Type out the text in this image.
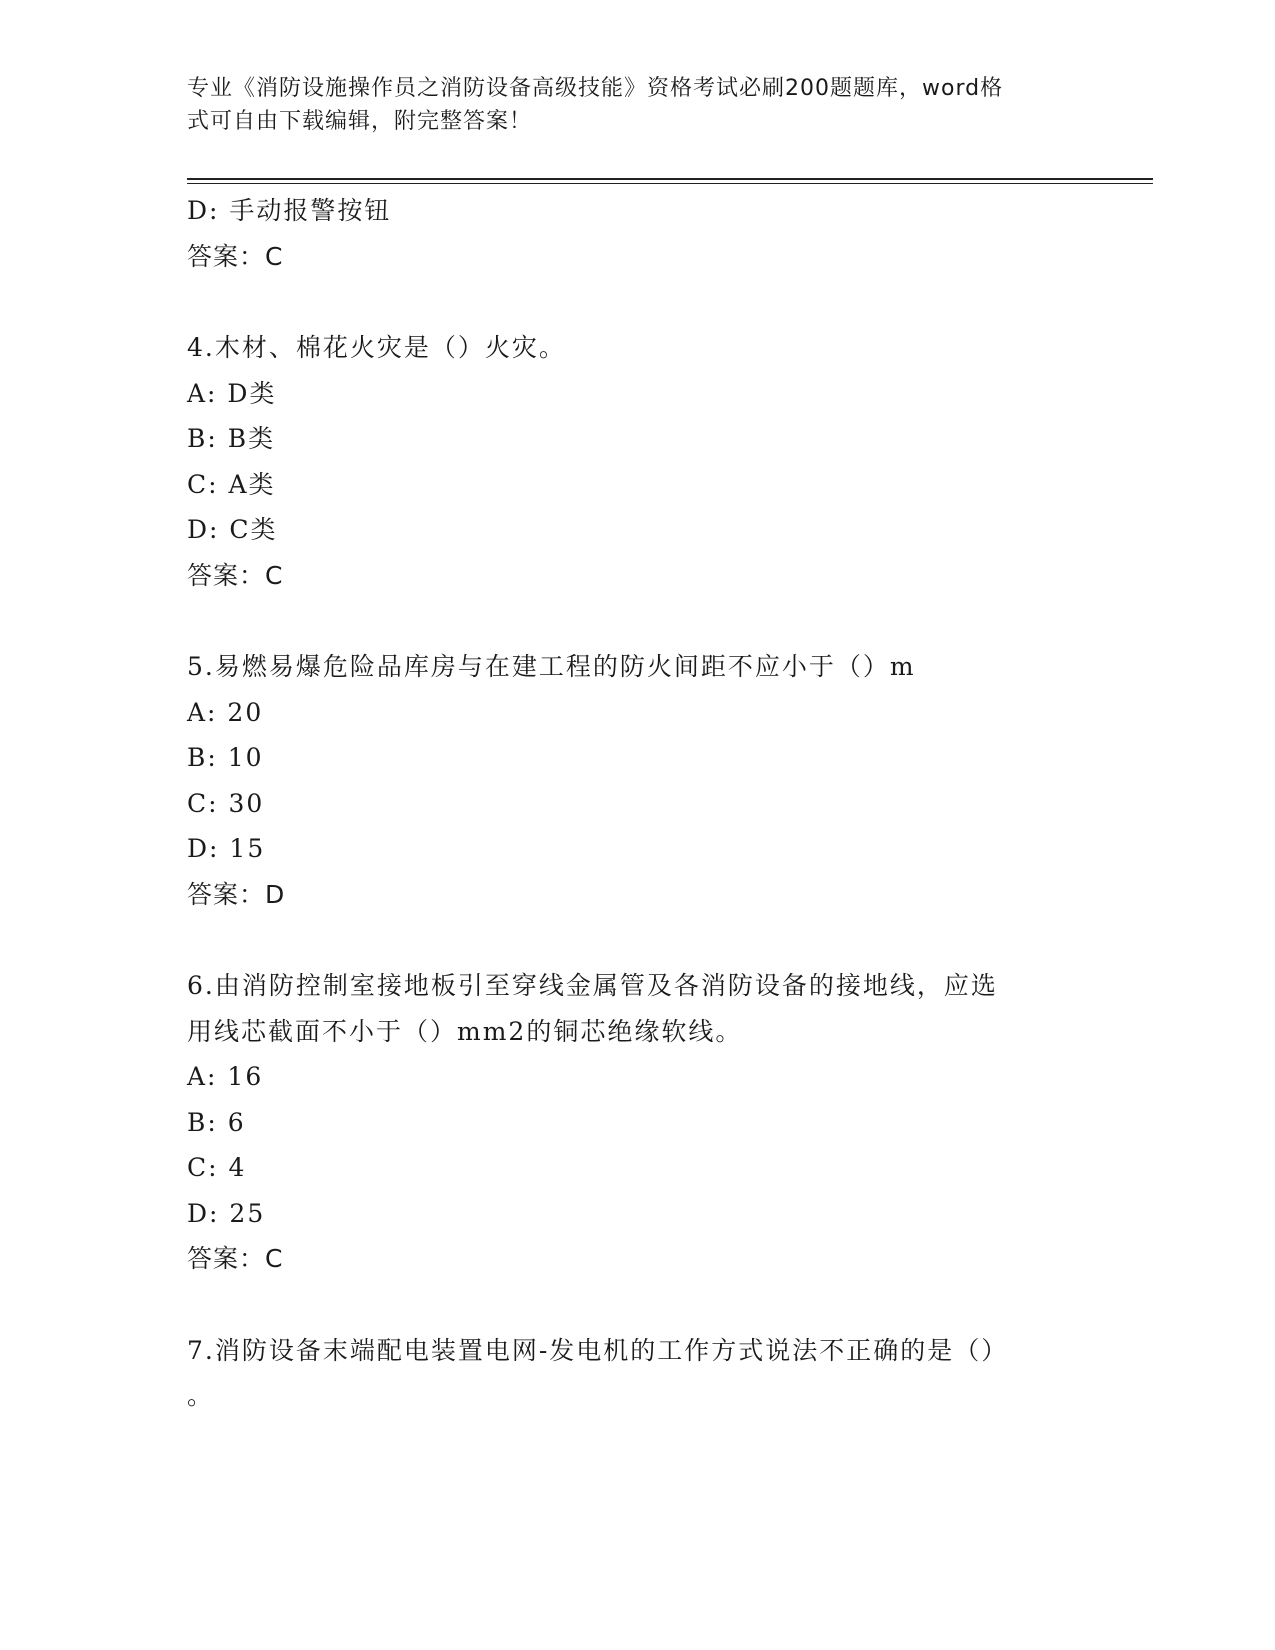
专业《消防设施操作员之消防设备高级技能》资格考试必刷200题题库，word格
式可自由下载编辑，附完整答案！
D: 手动报警按钮
答案：C
4.木材、棉花火灾是（）火灾。
A: D类
B: B类
C: A类
D: C类
答案：C
5.易燃易爆危险品库房与在建工程的防火间距不应小于（）m
A: 20
B: 10
C: 30
D: 15
答案：D
6.由消防控制室接地板引至穿线金属管及各消防设备的接地线，应选
用线芯截面不小于（）mm2的铜芯绝缘软线。
A: 16
B: 6
C: 4
D: 25
答案：C
7.消防设备末端配电装置电网-发电机的工作方式说法不正确的是（）
。
